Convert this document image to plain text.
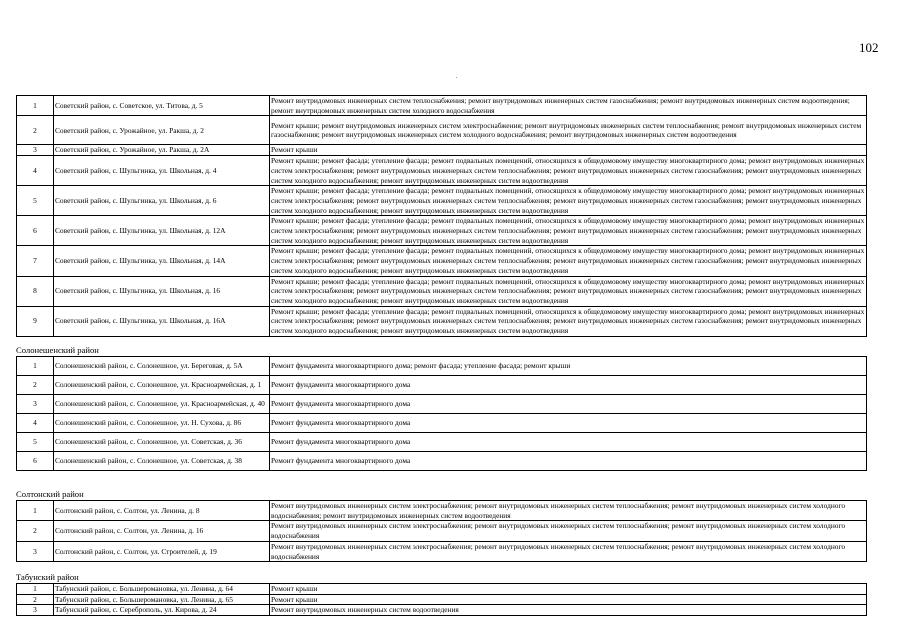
102
.
1	Советский район, с. Советское, ул. Титова, д. 5	Ремонт внутридомовых инженерных систем теплоснабжения; ремонт внутридомовых инженерных систем газоснабжения; ремонт внутридомовых инженерных систем водоотведения; ремонт внутридомовых инженерных систем холодного водоснабжения
2	Советский район, с. Урожайное, ул. Ракша, д. 2	Ремонт крыши; ремонт внутридомовых инженерных систем электроснабжения; ремонт внутридомовых инженерных систем теплоснабжения; ремонт внутридомовых инженерных систем газоснабжения; ремонт внутридомовых инженерных систем холодного водоснабжения; ремонт внутридомовых инженерных систем водоотведения
3	Советский район, с. Урожайное, ул. Ракша, д. 2А	Ремонт крыши
4	Советский район, с. Шульгинка, ул. Школьная, д. 4	Ремонт крыши; ремонт фасада; утепление фасада; ремонт подвальных помещений, относящихся к общедомовому имуществу многоквартирного дома; ремонт внутридомовых инженерных систем электроснабжения; ремонт внутридомовых инженерных систем теплоснабжения; ремонт внутридомовых инженерных систем газоснабжения; ремонт внутридомовых инженерных систем холодного водоснабжения; ремонт внутридомовых инженерных систем водоотведения
5	Советский район, с. Шульгинка, ул. Школьная, д. 6	Ремонт крыши; ремонт фасада; утепление фасада; ремонт подвальных помещений, относящихся к общедомовому имуществу многоквартирного дома; ремонт внутридомовых инженерных систем электроснабжения; ремонт внутридомовых инженерных систем теплоснабжения; ремонт внутридомовых инженерных систем газоснабжения; ремонт внутридомовых инженерных систем холодного водоснабжения; ремонт внутридомовых инженерных систем водоотведения
6	Советский район, с. Шульгинка, ул. Школьная, д. 12А	Ремонт крыши; ремонт фасада; утепление фасада; ремонт подвальных помещений, относящихся к общедомовому имуществу многоквартирного дома; ремонт внутридомовых инженерных систем электроснабжения; ремонт внутридомовых инженерных систем теплоснабжения; ремонт внутридомовых инженерных систем газоснабжения; ремонт внутридомовых инженерных систем холодного водоснабжения; ремонт внутридомовых инженерных систем водоотведения
7	Советский район, с. Шульгинка, ул. Школьная, д. 14А	Ремонт крыши; ремонт фасада; утепление фасада; ремонт подвальных помещений, относящихся к общедомовому имуществу многоквартирного дома; ремонт внутридомовых инженерных систем электроснабжения; ремонт внутридомовых инженерных систем теплоснабжения; ремонт внутридомовых инженерных систем газоснабжения; ремонт внутридомовых инженерных систем холодного водоснабжения; ремонт внутридомовых инженерных систем водоотведения
8	Советский район, с. Шульгинка, ул. Школьная, д. 16	Ремонт крыши; ремонт фасада; утепление фасада; ремонт подвальных помещений, относящихся к общедомовому имуществу многоквартирного дома; ремонт внутридомовых инженерных систем электроснабжения; ремонт внутридомовых инженерных систем теплоснабжения; ремонт внутридомовых инженерных систем газоснабжения; ремонт внутридомовых инженерных систем холодного водоснабжения; ремонт внутридомовых инженерных систем водоотведения
9	Советский район, с. Шульгинка, ул. Школьная, д. 16А	Ремонт крыши; ремонт фасада; утепление фасада; ремонт подвальных помещений, относящихся к общедомовому имуществу многоквартирного дома; ремонт внутридомовых инженерных систем электроснабжения; ремонт внутридомовых инженерных систем теплоснабжения; ремонт внутридомовых инженерных систем газоснабжения; ремонт внутридомовых инженерных систем холодного водоснабжения; ремонт внутридомовых инженерных систем водоотведения
Солонешенский район
1	Солонешенский район, с. Солонешное, ул. Береговая, д. 5А	Ремонт фундамента многоквартирного дома; ремонт фасада; утепление фасада; ремонт крыши
2	Солонешенский район, с. Солонешное, ул. Красноармейская, д. 1	Ремонт фундамента многоквартирного дома
3	Солонешенский район, с. Солонешное, ул. Красноармейская, д. 40	Ремонт фундамента многоквартирного дома
4	Солонешенский район, с. Солонешное, ул. Н. Сухова, д. 86	Ремонт фундамента многоквартирного дома
5	Солонешенский район, с. Солонешное, ул. Советская, д. 36	Ремонт фундамента многоквартирного дома
6	Солонешенский район, с. Солонешное, ул. Советская, д. 38	Ремонт фундамента многоквартирного дома
Солтонский район
1	Солтонский район, с. Солтон, ул. Ленина, д. 8	Ремонт внутридомовых инженерных систем электроснабжения; ремонт внутридомовых инженерных систем теплоснабжения; ремонт внутридомовых инженерных систем холодного водоснабжения; ремонт внутридомовых инженерных систем водоотведения
2	Солтонский район, с. Солтон, ул. Ленина, д. 16	Ремонт внутридомовых инженерных систем электроснабжения; ремонт внутридомовых инженерных систем теплоснабжения; ремонт внутридомовых инженерных систем холодного водоснабжения
3	Солтонский район, с. Солтон, ул. Строителей, д. 19	Ремонт внутридомовых инженерных систем электроснабжения; ремонт внутридомовых инженерных систем теплоснабжения; ремонт внутридомовых инженерных систем холодного водоснабжения
Табунский район
1	Табунский район, с. Большеромановка, ул. Ленина, д. 64	Ремонт крыши
2	Табунский район, с. Большеромановка, ул. Ленина, д. 65	Ремонт крыши
3	Табунский район, с. Сереброполь, ул. Кирова, д. 24	Ремонт внутридомовых инженерных систем водоотведения
